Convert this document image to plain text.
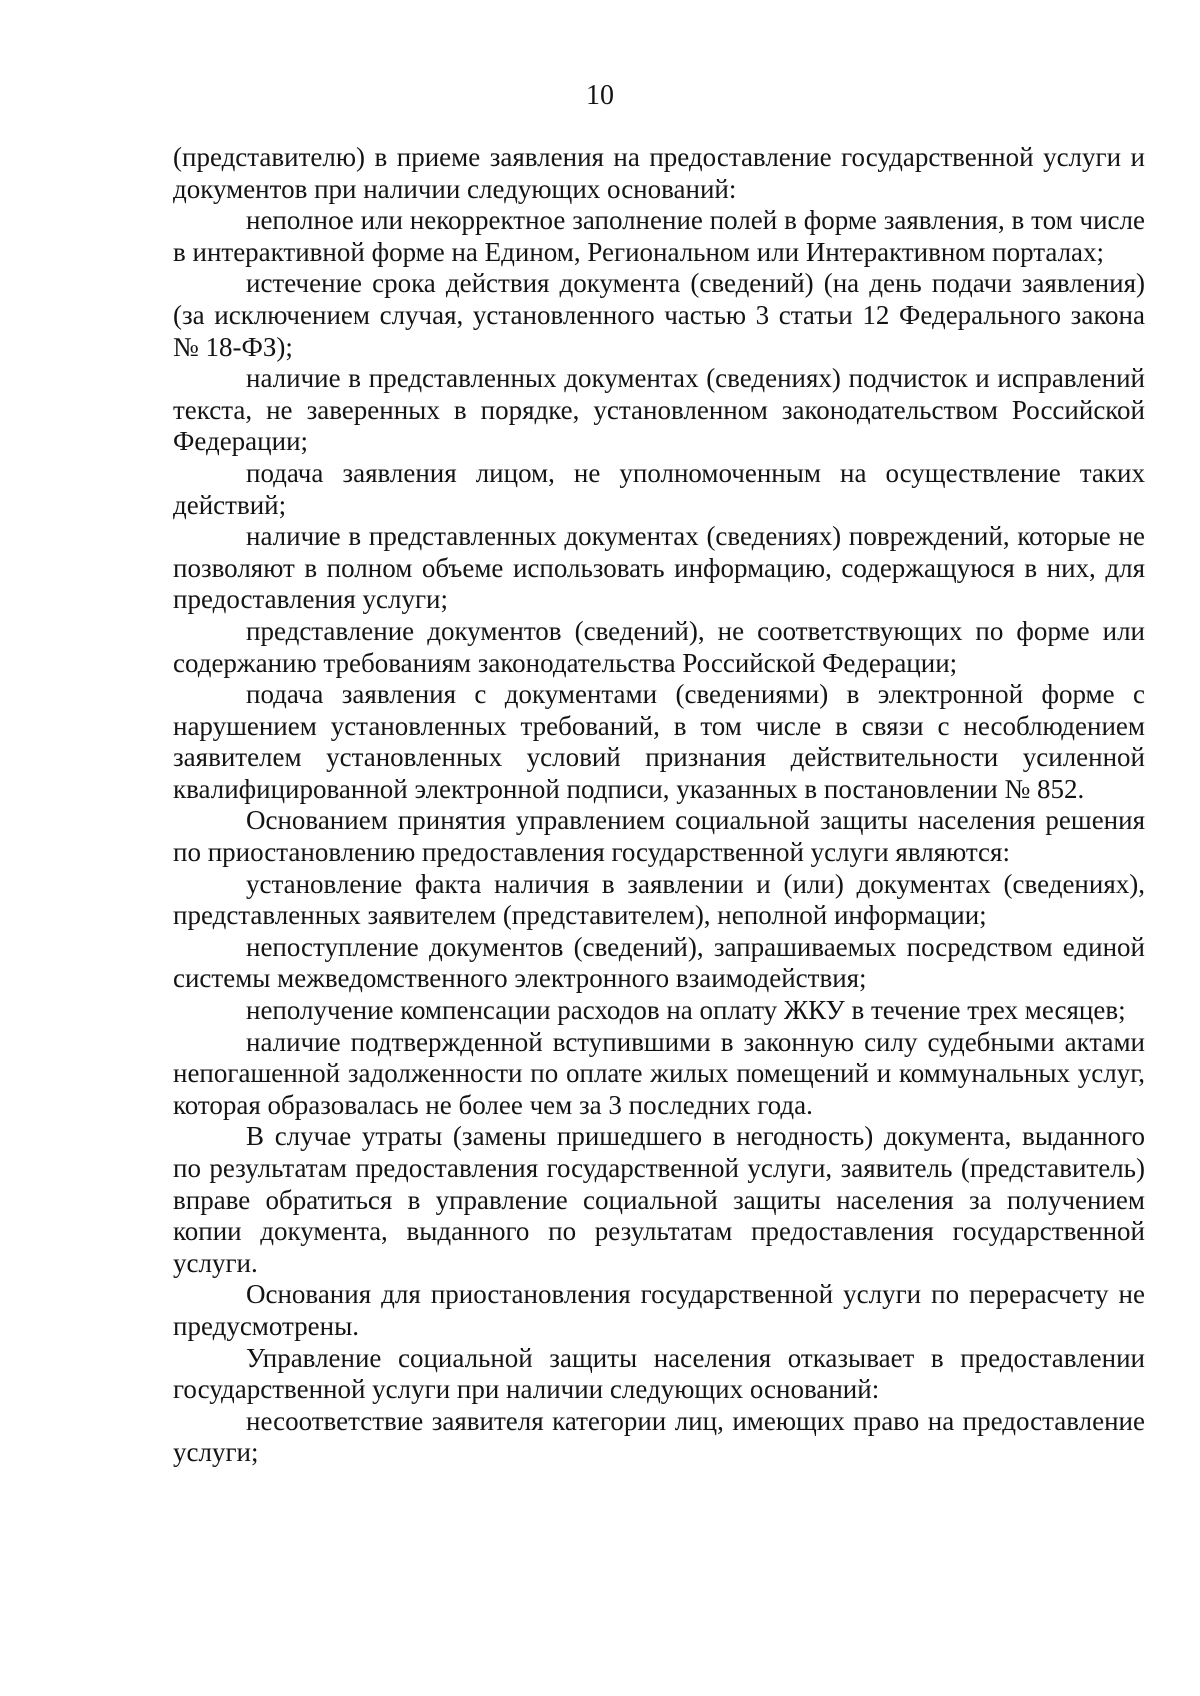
10

(представителю) в приеме заявления на предоставление государственной услуги и документов при наличии следующих оснований:

неполное или некорректное заполнение полей в форме заявления, в том числе в интерактивной форме на Едином, Региональном или Интерактивном порталах;

истечение срока действия документа (сведений) (на день подачи заявления) (за исключением случая, установленного частью 3 статьи 12 Федерального закона № 18-ФЗ);

наличие в представленных документах (сведениях) подчисток и исправлений текста, не заверенных в порядке, установленном законодательством Российской Федерации;

подача заявления лицом, не уполномоченным на осуществление таких действий;

наличие в представленных документах (сведениях) повреждений, которые не позволяют в полном объеме использовать информацию, содержащуюся в них, для предоставления услуги;

представление документов (сведений), не соответствующих по форме или содержанию требованиям законодательства Российской Федерации;

подача заявления с документами (сведениями) в электронной форме с нарушением установленных требований, в том числе в связи с несоблюдением заявителем установленных условий признания действительности усиленной квалифицированной электронной подписи, указанных в постановлении № 852.

Основанием принятия управлением социальной защиты населения решения по приостановлению предоставления государственной услуги являются:

установление факта наличия в заявлении и (или) документах (сведениях), представленных заявителем (представителем), неполной информации;

непоступление документов (сведений), запрашиваемых посредством единой системы межведомственного электронного взаимодействия;

неполучение компенсации расходов на оплату ЖКУ в течение трех месяцев;

наличие подтвержденной вступившими в законную силу судебными актами непогашенной задолженности по оплате жилых помещений и коммунальных услуг, которая образовалась не более чем за 3 последних года.

В случае утраты (замены пришедшего в негодность) документа, выданного по результатам предоставления государственной услуги, заявитель (представитель) вправе обратиться в управление социальной защиты населения за получением копии документа, выданного по результатам предоставления государственной услуги.

Основания для приостановления государственной услуги по перерасчету не предусмотрены.

Управление социальной защиты населения отказывает в предоставлении государственной услуги при наличии следующих оснований:

несоответствие заявителя категории лиц, имеющих право на предоставление услуги;
